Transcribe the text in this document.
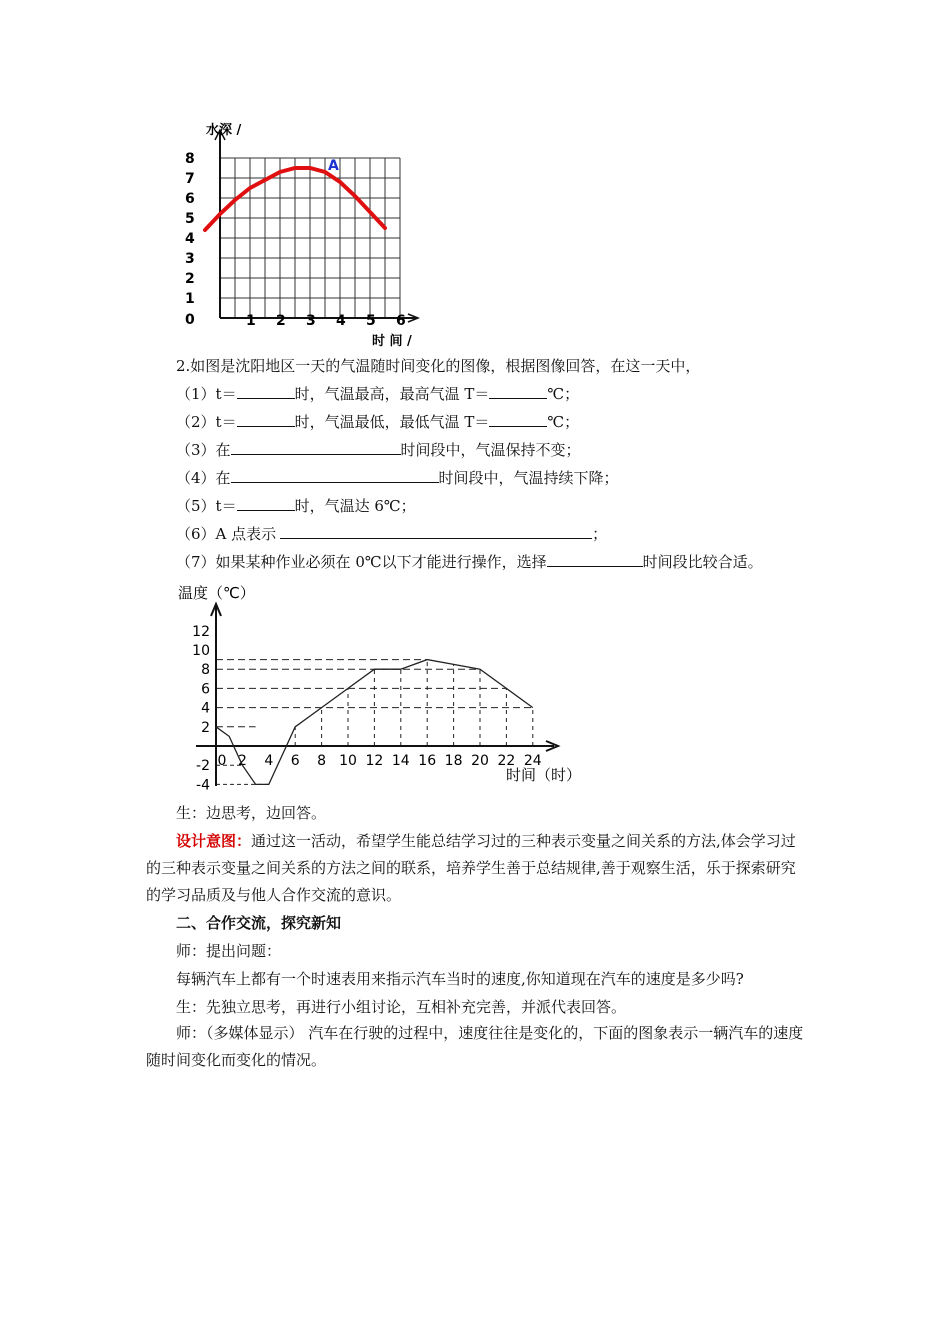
0
1
2
3
4
5
6
7
8
1 2 3 4 5 6
水深 /
时 间 /
A
2.如图是沈阳地区一天的气温随时间变化的图像，根据图像回答，在这一天中，
（1）t＝	时，气温最高，最高气温 T＝	℃；
（2）t＝	时，气温最低，最低气温 T＝	℃；
（3）在	时间段中，气温保持不变；
（4）在	时间段中，气温持续下降；
（5）t＝	时，气温达 6℃；
（6）A 点表示	；
（7）如果某种作业必须在 0℃以下才能进行操作，选择	时间段比较合适。
温度（℃）
时间（时）
-4
-2
2
4
6
8
10
12
0 2 4 6 8 10 12 14 16 18 20 22 24
生：边思考，边回答。
设计意图：通过这一活动，希望学生能总结学习过的三种表示变量之间关系的方法,体会学习过的三种表示变量之间关系的方法之间的联系，培养学生善于总结规律,善于观察生活，乐于探索研究的学习品质及与他人合作交流的意识。
二、合作交流，探究新知
师：提出问题：
每辆汽车上都有一个时速表用来指示汽车当时的速度,你知道现在汽车的速度是多少吗?
生：先独立思考，再进行小组讨论，互相补充完善，并派代表回答。
师：（多媒体显示） 汽车在行驶的过程中，速度往往是变化的，下面的图象表示一辆汽车的速度随时间变化而变化的情况。
